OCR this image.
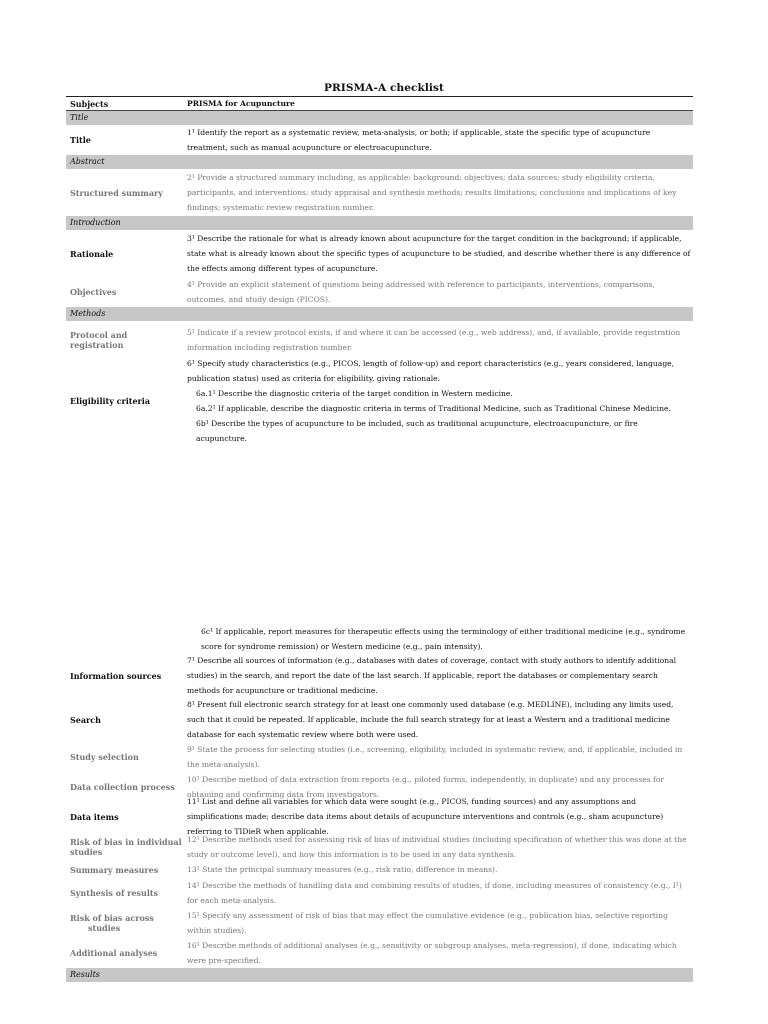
PRISMA-A checklist
Subjects	PRISMA for Acupuncture
Title
Title
1¹ Identify the report as a systematic review, meta-analysis, or both; if applicable, state the specific type of acupuncture treatment, such as manual acupuncture or electroacupuncture.
Abstract
Structured summary
2¹ Provide a structured summary including, as applicable: background; objectives; data sources; study eligibility criteria, participants, and interventions; study appraisal and synthesis methods; results limitations; conclusions and implications of key findings; systematic review registration number.
Introduction
Rationale
3¹ Describe the rationale for what is already known about acupuncture for the target condition in the background; if applicable, state what is already known about the specific types of acupuncture to be studied, and describe whether there is any difference of the effects among different types of acupuncture.
Objectives
4¹ Provide an explicit statement of questions being addressed with reference to participants, interventions, comparisons, outcomes, and study design (PICOS).
Methods
Protocol and registration
5¹ Indicate if a review protocol exists, if and where it can be accessed (e.g., web address), and, if available, provide registration information including registration number.
Eligibility criteria
6¹ Specify study characteristics (e.g., PICOS, length of follow-up) and report characteristics (e.g., years considered, language, publication status) used as criteria for eligibility, giving rationale.
6a.1¹ Describe the diagnostic criteria of the target condition in Western medicine.
6a.2¹ If applicable, describe the diagnostic criteria in terms of Traditional Medicine, such as Traditional Chinese Medicine.
6b¹ Describe the types of acupuncture to be included, such as traditional acupuncture, electroacupuncture, or fire acupuncture.
6c¹ If applicable, report measures for therapeutic effects using the terminology of either traditional medicine (e.g., syndrome score for syndrome remission) or Western medicine (e.g., pain intensity).
Information sources
7¹ Describe all sources of information (e.g., databases with dates of coverage, contact with study authors to identify additional studies) in the search, and report the date of the last search. If applicable, report the databases or complementary search methods for acupuncture or traditional medicine.
Search
8¹ Present full electronic search strategy for at least one commonly used database (e.g. MEDLINE), including any limits used, such that it could be repeated. If applicable, include the full search strategy for at least a Western and a traditional medicine database for each systematic review where both were used.
Study selection
9¹ State the process for selecting studies (i.e., screening, eligibility, included in systematic review, and, if applicable, included in the meta-analysis).
Data collection process
10¹ Describe method of data extraction from reports (e.g., piloted forms, independently, in duplicate) and any processes for obtaining and confirming data from investigators.
Data items
11¹ List and define all variables for which data were sought (e.g., PICOS, funding sources) and any assumptions and simplifications made; describe data items about details of acupuncture interventions and controls (e.g., sham acupuncture) referring to TIDieR when applicable.
Risk of bias in individual studies
12¹ Describe methods used for assessing risk of bias of individual studies (including specification of whether this was done at the study or outcome level), and how this information is to be used in any data synthesis.
Summary measures	13¹ State the principal summary measures (e.g., risk ratio, difference in means).
Synthesis of results
14¹ Describe the methods of handling data and combining results of studies, if done, including measures of consistency (e.g., I²) for each meta-analysis.
Risk of bias across
studies
15¹ Specify any assessment of risk of bias that may effect the cumulative evidence (e.g., publication bias, selective reporting within studies).
Additional analyses
16¹ Describe methods of additional analyses (e.g., sensitivity or subgroup analyses, meta-regression), if done, indicating which were pre-specified.
Results
